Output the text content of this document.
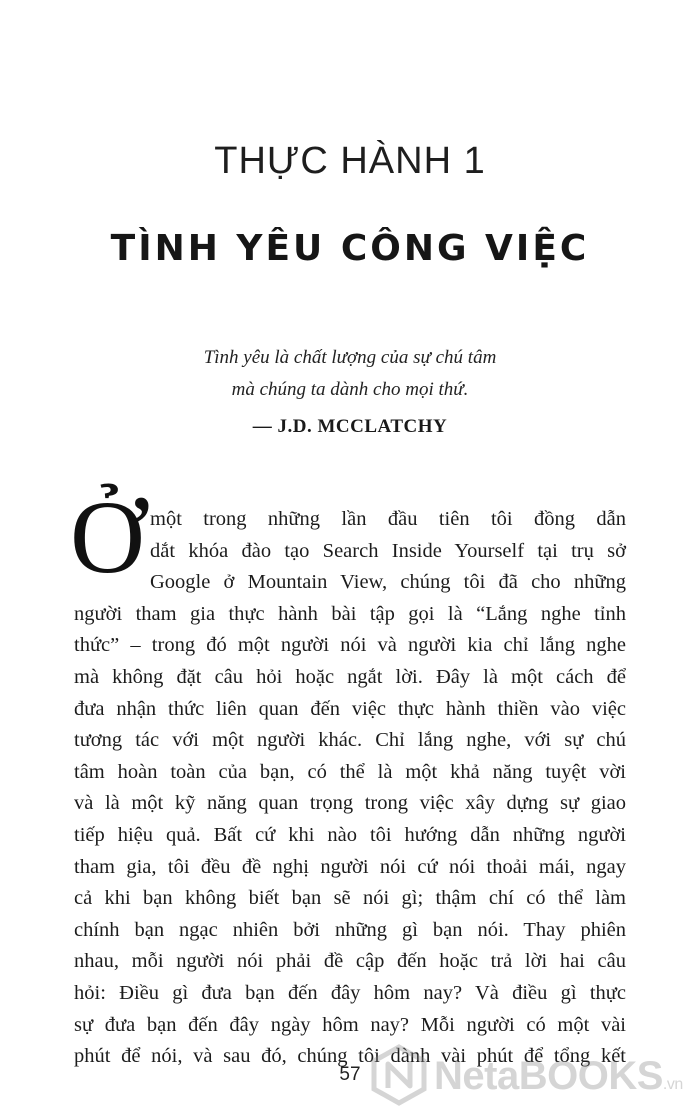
THỰC HÀNH 1
TÌNH YÊU CÔNG VIỆC
Tình yêu là chất lượng của sự chú tâm
mà chúng ta dành cho mọi thứ.
— J.D. MCCLATCHY
Ở một trong những lần đầu tiên tôi đồng dẫn
dắt khóa đào tạo Search Inside Yourself tại trụ sở
Google ở Mountain View, chúng tôi đã cho những
người tham gia thực hành bài tập gọi là “Lắng nghe tỉnh
thức” – trong đó một người nói và người kia chỉ lắng nghe
mà không đặt câu hỏi hoặc ngắt lời. Đây là một cách để
đưa nhận thức liên quan đến việc thực hành thiền vào việc
tương tác với một người khác. Chỉ lắng nghe, với sự chú
tâm hoàn toàn của bạn, có thể là một khả năng tuyệt vời
và là một kỹ năng quan trọng trong việc xây dựng sự giao
tiếp hiệu quả. Bất cứ khi nào tôi hướng dẫn những người
tham gia, tôi đều đề nghị người nói cứ nói thoải mái, ngay
cả khi bạn không biết bạn sẽ nói gì; thậm chí có thể làm
chính bạn ngạc nhiên bởi những gì bạn nói. Thay phiên
nhau, mỗi người nói phải đề cập đến hoặc trả lời hai câu
hỏi: Điều gì đưa bạn đến đây hôm nay? Và điều gì thực
sự đưa bạn đến đây ngày hôm nay? Mỗi người có một vài
phút để nói, và sau đó, chúng tôi dành vài phút để tổng kết
57	NetaBOOKS.vn
